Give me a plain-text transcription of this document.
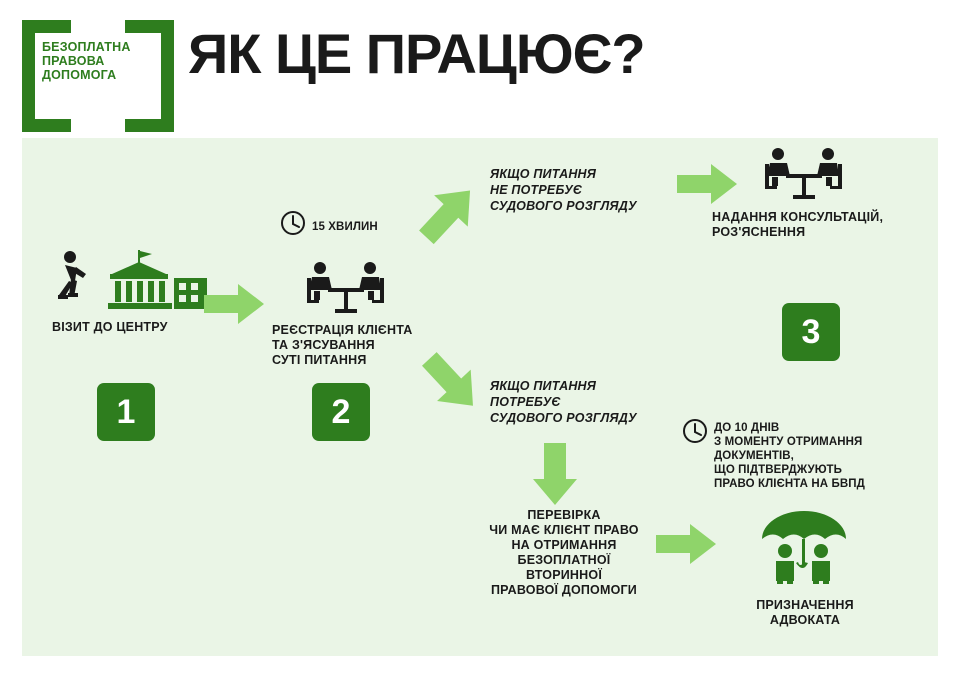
БЕЗОПЛАТНА
ПРАВОВА
ДОПОМОГА	ЯК ЦЕ ПРАЦЮЄ?
ВІЗИТ ДО ЦЕНТРУ
1
15 ХВИЛИН
РЕЄСТРАЦІЯ КЛІЄНТА
ТА З'ЯСУВАННЯ
СУТІ ПИТАННЯ
2
ЯКЩО ПИТАННЯ
НЕ ПОТРЕБУЄ
СУДОВОГО РОЗГЛЯДУ
НАДАННЯ КОНСУЛЬТАЦІЙ,
РОЗ'ЯСНЕННЯ
3
ЯКЩО ПИТАННЯ
ПОТРЕБУЄ
СУДОВОГО РОЗГЛЯДУ
ПЕРЕВІРКА
ЧИ МАЄ КЛІЄНТ ПРАВО
НА ОТРИМАННЯ
БЕЗОПЛАТНОЇ
ВТОРИННОЇ
ПРАВОВОЇ ДОПОМОГИ
ДО 10 ДНІВ
З МОМЕНТУ ОТРИМАННЯ
ДОКУМЕНТІВ,
ЩО ПІДТВЕРДЖУЮТЬ
ПРАВО КЛІЄНТА НА БВПД
ПРИЗНАЧЕННЯ
АДВОКАТА
